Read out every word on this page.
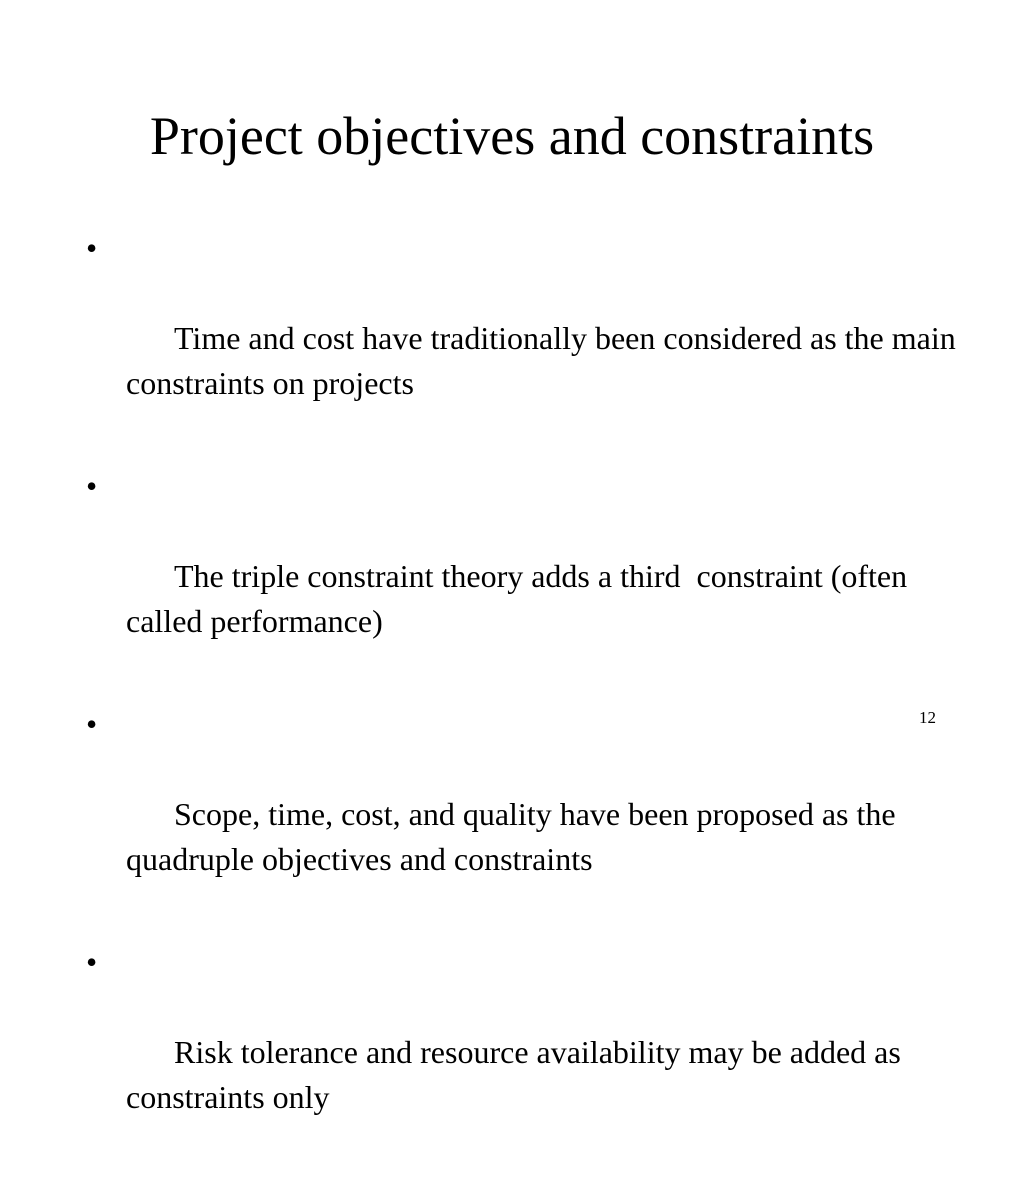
Project objectives and constraints

•

Time and cost have traditionally been considered as the main constraints on projects

•

The triple constraint theory adds a third  constraint (often called performance)

•

Scope, time, cost, and quality have been proposed as the quadruple objectives and constraints

•

Risk tolerance and resource availability may be added as constraints only

12
